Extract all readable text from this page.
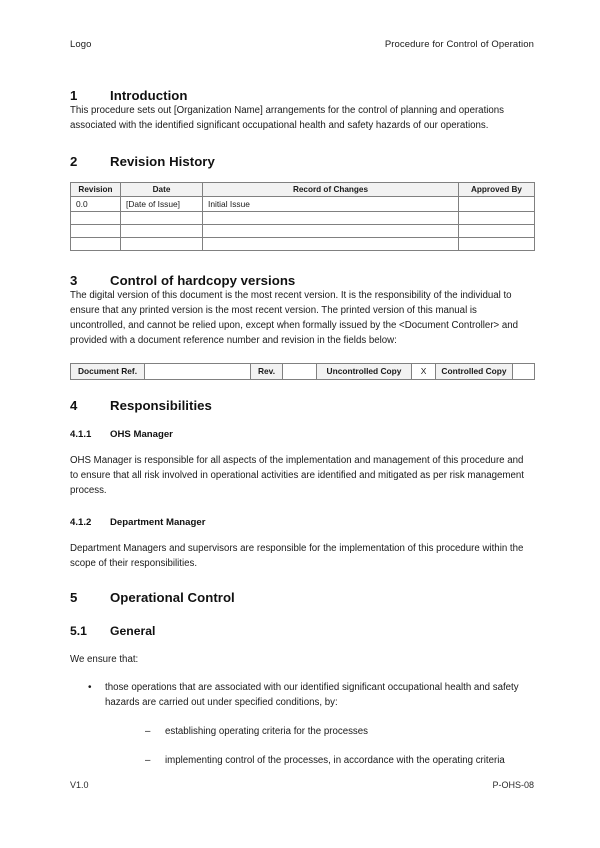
Logo	Procedure for Control of Operation
1	Introduction

This procedure sets out [Organization Name] arrangements for the control of planning and operations associated with the identified significant occupational health and safety hazards of our operations.

2	Revision History
Revision	Date	Record of Changes	Approved By
0.0	[Date of Issue]	Initial Issue	

3	Control of hardcopy versions

The digital version of this document is the most recent version. It is the responsibility of the individual to ensure that any printed version is the most recent version. The printed version of this manual is uncontrolled, and cannot be relied upon, except when formally issued by the <Document Controller> and provided with a document reference number and revision in the fields below:

Document Ref.		Rev.		Uncontrolled Copy	X	Controlled Copy	
4	Responsibilities
4.1.1	OHS Manager

OHS Manager is responsible for all aspects of the implementation and management of this procedure and to ensure that all risk involved in operational activities are identified and mitigated as per risk management process.

4.1.2	Department Manager

Department Managers and supervisors are responsible for the implementation of this procedure within the scope of their responsibilities.

5	Operational Control
5.1	General

We ensure that:

• those operations that are associated with our identified significant occupational health and safety hazards are carried out under specified conditions, by:
– establishing operating criteria for the processes
– implementing control of the processes, in accordance with the operating criteria
V1.0	P-OHS-08
